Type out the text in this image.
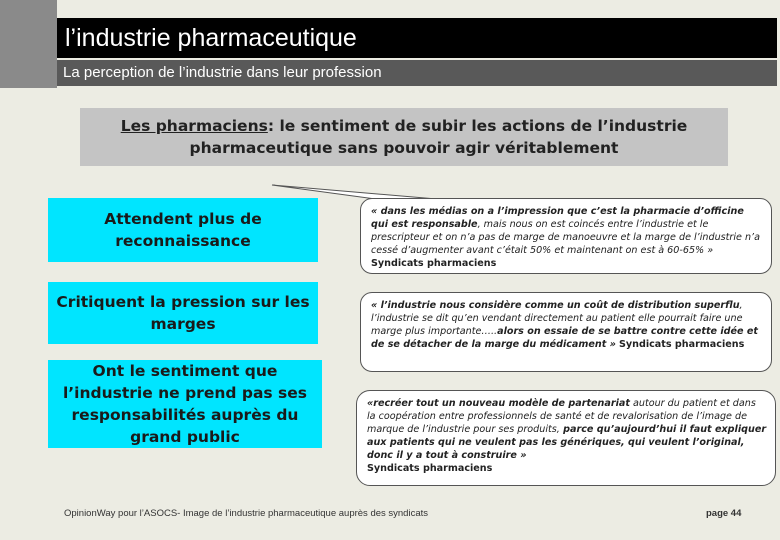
l’industrie pharmaceutique
La perception de l’industrie dans leur profession
Les pharmaciens: le sentiment de subir les actions de l’industrie
pharmaceutique sans pouvoir agir véritablement
Attendent plus de reconnaissance
Critiquent la pression sur les marges
Ont le sentiment que l’industrie ne prend pas ses responsabilités auprès du grand public
« dans les médias on a l’impression que c’est la pharmacie d’officine qui est responsable, mais nous on est coincés entre l’industrie et le prescripteur et on n’a pas de marge de manoeuvre et la marge de l’industrie n’a cessé d’augmenter avant c’était 50% et maintenant on est à 60-65% » Syndicats pharmaciens
« l’industrie nous considère comme un coût de distribution superflu, l’industrie se dit qu’en vendant directement au patient elle pourrait faire une marge plus importante…..alors on essaie de se battre contre cette idée et de se détacher de la marge du médicament » Syndicats pharmaciens
«recréer tout un nouveau modèle de partenariat autour du patient et dans la coopération entre professionnels de santé et de revalorisation de l’image de marque de l’industrie pour ses produits, parce qu’aujourd’hui il faut expliquer aux patients qui ne veulent pas les génériques, qui veulent l’original, donc il y a tout à construire »
Syndicats pharmaciens
OpinionWay pour l’ASOCS- Image de l’industrie pharmaceutique auprès des syndicats	page 44
